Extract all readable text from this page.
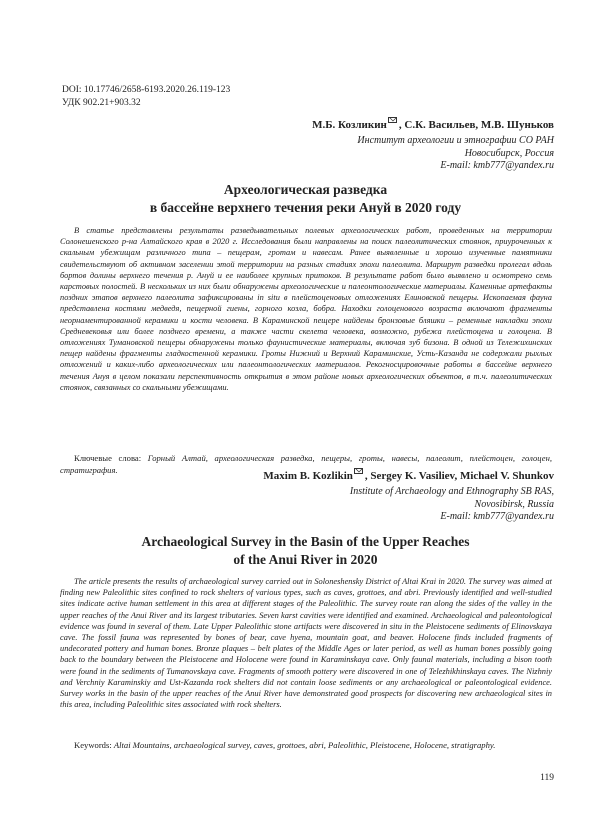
DOI: 10.17746/2658-6193.2020.26.119-123
УДК 902.21+903.32
М.Б. Козликин , С.К. Васильев, М.В. Шуньков
Институт археологии и этнографии СО РАН
Новосибирск, Россия
E-mail: kmb777@yandex.ru
Археологическая разведка
в бассейне верхнего течения реки Ануй в 2020 году

В статье представлены результаты разведывательных полевых археологических работ, проведенных на территории Солонешенского р-на Алтайского края в 2020 г. Исследования были направлены на поиск палеолитических стоянок, приуроченных к скальным убежищам различного типа – пещерам, гротам и навесам. Ранее выявленные и хорошо изученные памятники свидетельствуют об активном заселении этой территории на разных стадиях эпохи палеолита. Маршрут разведки пролегал вдоль бортов долины верхнего течения р. Ануй и ее наиболее крупных притоков. В результате работ было выявлено и осмотрено семь карстовых полостей. В нескольких из них были обнаружены археологические и палеонтологические материалы. Каменные артефакты поздних этапов верхнего палеолита зафиксированы in situ в плейстоценовых отложениях Елиновской пещеры. Ископаемая фауна представлена костями медведя, пещерной гиены, горного козла, бобра. Находки голоценового возраста включают фрагменты неорнаментированной керамики и кости человека. В Караминской пещере найдены бронзовые бляшки – ременные накладки эпохи Средневековья или более позднего времени, а также части скелета человека, возможно, рубежа плейстоцена и голоцена. В отложениях Тумановской пещеры обнаружены только фаунистические материалы, включая зуб бизона. В одной из Тележихинских пещер найдены фрагменты гладкостенной керамики. Гроты Нижний и Верхний Караминские, Усть-Казанда не содержали рыхлых отложений и каких-либо археологических или палеонтологических материалов. Рекогносцировочные работы в бассейне верхнего течения Ануя в целом показали перспективность открытия в этом районе новых археологических объектов, в т.ч. палеолитических стоянок, связанных со скальными убежищами.

Ключевые слова: Горный Алтай, археологическая разведка, пещеры, гроты, навесы, палеолит, плейстоцен, голоцен, стратиграфия.

Maxim B. Kozlikin , Sergey K. Vasiliev, Michael V. Shunkov
Institute of Archaeology and Ethnography SB RAS,
Novosibirsk, Russia
E-mail: kmb777@yandex.ru
Archaeological Survey in the Basin of the Upper Reaches
of the Anui River in 2020

The article presents the results of archaeological survey carried out in Soloneshensky District of Altai Krai in 2020. The survey was aimed at finding new Paleolithic sites confined to rock shelters of various types, such as caves, grottoes, and abri. Previously identified and well-studied sites indicate active human settlement in this area at different stages of the Paleolithic. The survey route ran along the sides of the valley in the upper reaches of the Anui River and its largest tributaries. Seven karst cavities were identified and examined. Archaeological and paleontological evidence was found in several of them. Late Upper Paleolithic stone artifacts were discovered in situ in the Pleistocene sediments of Elinovskaya cave. The fossil fauna was represented by bones of bear, cave hyena, mountain goat, and beaver. Holocene finds included fragments of undecorated pottery and human bones. Bronze plaques – belt plates of the Middle Ages or later period, as well as human bones possibly going back to the boundary between the Pleistocene and Holocene were found in Karaminskaya cave. Only faunal materials, including a bison tooth were found in the sediments of Tumanovskaya cave. Fragments of smooth pottery were discovered in one of Telezhikhinskaya caves. The Nizhniy and Verchniy Karaminskiy and Ust-Kazanda rock shelters did not contain loose sediments or any archaeological or paleontological evidence. Survey works in the basin of the upper reaches of the Anui River have demonstrated good prospects for discovering new archaeological sites in this area, including Paleolithic sites associated with rock shelters.

Keywords: Altai Mountains, archaeological survey, caves, grottoes, abri, Paleolithic, Pleistocene, Holocene, stratigraphy.

119
